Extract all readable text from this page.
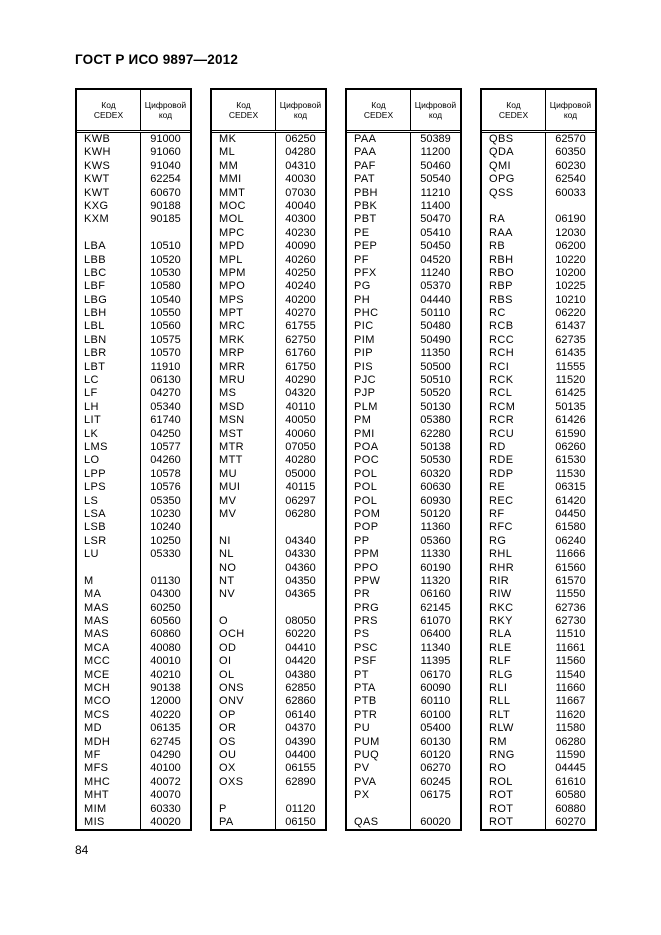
ГОСТ Р ИСО 9897—2012
Код
CEDEX
Цифровой
код
KWB	91000
KWH	91060
KWS	91040
KWT	62254
KWT	60670
KXG	90188
KXM	90185
LBA	10510
LBB	10520
LBC	10530
LBF	10580
LBG	10540
LBH	10550
LBL	10560
LBN	10575
LBR	10570
LBT	11910
LC	06130
LF	04270
LH	05340
LIT	61740
LK	04250
LMS	10577
LO	04260
LPP	10578
LPS	10576
LS	05350
LSA	10230
LSB	10240
LSR	10250
LU	05330
M	01130
MA	04300
MAS	60250
MAS	60560
MAS	60860
MCA	40080
MCC	40010
MCE	40210
MCH	90138
MCO	12000
MCS	40220
MD	06135
MDH	62745
MF	04290
MFS	40100
MHC	40072
MHT	40070
MIM	60330
MIS	40020
Код
CEDEX
Цифровой
код
MK	06250
ML	04280
MM	04310
MMI	40030
MMT	07030
MOC	40040
MOL	40300
MPC	40230
MPD	40090
MPL	40260
MPM	40250
MPO	40240
MPS	40200
MPT	40270
MRC	61755
MRK	62750
MRP	61760
MRR	61750
MRU	40290
MS	04320
MSD	40110
MSN	40050
MST	40060
MTR	07050
MTT	40280
MU	05000
MUI	40115
MV	06297
MV	06280
NI	04340
NL	04330
NO	04360
NT	04350
NV	04365
O	08050
OCH	60220
OD	04410
OI	04420
OL	04380
ONS	62850
ONV	62860
OP	06140
OR	04370
OS	04390
OU	04400
OX	06155
OXS	62890
P	01120
PA	06150
Код
CEDEX
Цифровой
код
PAA	50389
PAA	11200
PAF	50460
PAT	50540
PBH	11210
PBK	11400
PBT	50470
PE	05410
PEP	50450
PF	04520
PFX	11240
PG	05370
PH	04440
PHC	50110
PIC	50480
PIM	50490
PIP	11350
PIS	50500
PJC	50510
PJP	50520
PLM	50130
PM	05380
PMI	62280
POA	50138
POC	50530
POL	60320
POL	60630
POL	60930
POM	50120
POP	11360
PP	05360
PPM	11330
PPO	60190
PPW	11320
PR	06160
PRG	62145
PRS	61070
PS	06400
PSC	11340
PSF	11395
PT	06170
PTA	60090
PTB	60110
PTR	60100
PU	05400
PUM	60130
PUQ	60120
PV	06270
PVA	60245
PX	06175
QAS	60020
Код
CEDEX
Цифровой
код
QBS	62570
QDA	60350
QMI	60230
OPG	62540
QSS	60033
RA	06190
RAA	12030
RB	06200
RBH	10220
RBO	10200
RBP	10225
RBS	10210
RC	06220
RCB	61437
RCC	62735
RCH	61435
RCI	11555
RCK	11520
RCL	61425
RCM	50135
RCR	61426
RCU	61590
RD	06260
RDE	61530
RDP	11530
RE	06315
REC	61420
RF	04450
RFC	61580
RG	06240
RHL	11666
RHR	61560
RIR	61570
RIW	11550
RKC	62736
RKY	62730
RLA	11510
RLE	11661
RLF	11560
RLG	11540
RLI	11660
RLL	11667
RLT	11620
RLW	11580
RM	06280
RNG	11590
RO	04445
ROL	61610
ROT	60580
ROT	60880
ROT	60270
84
